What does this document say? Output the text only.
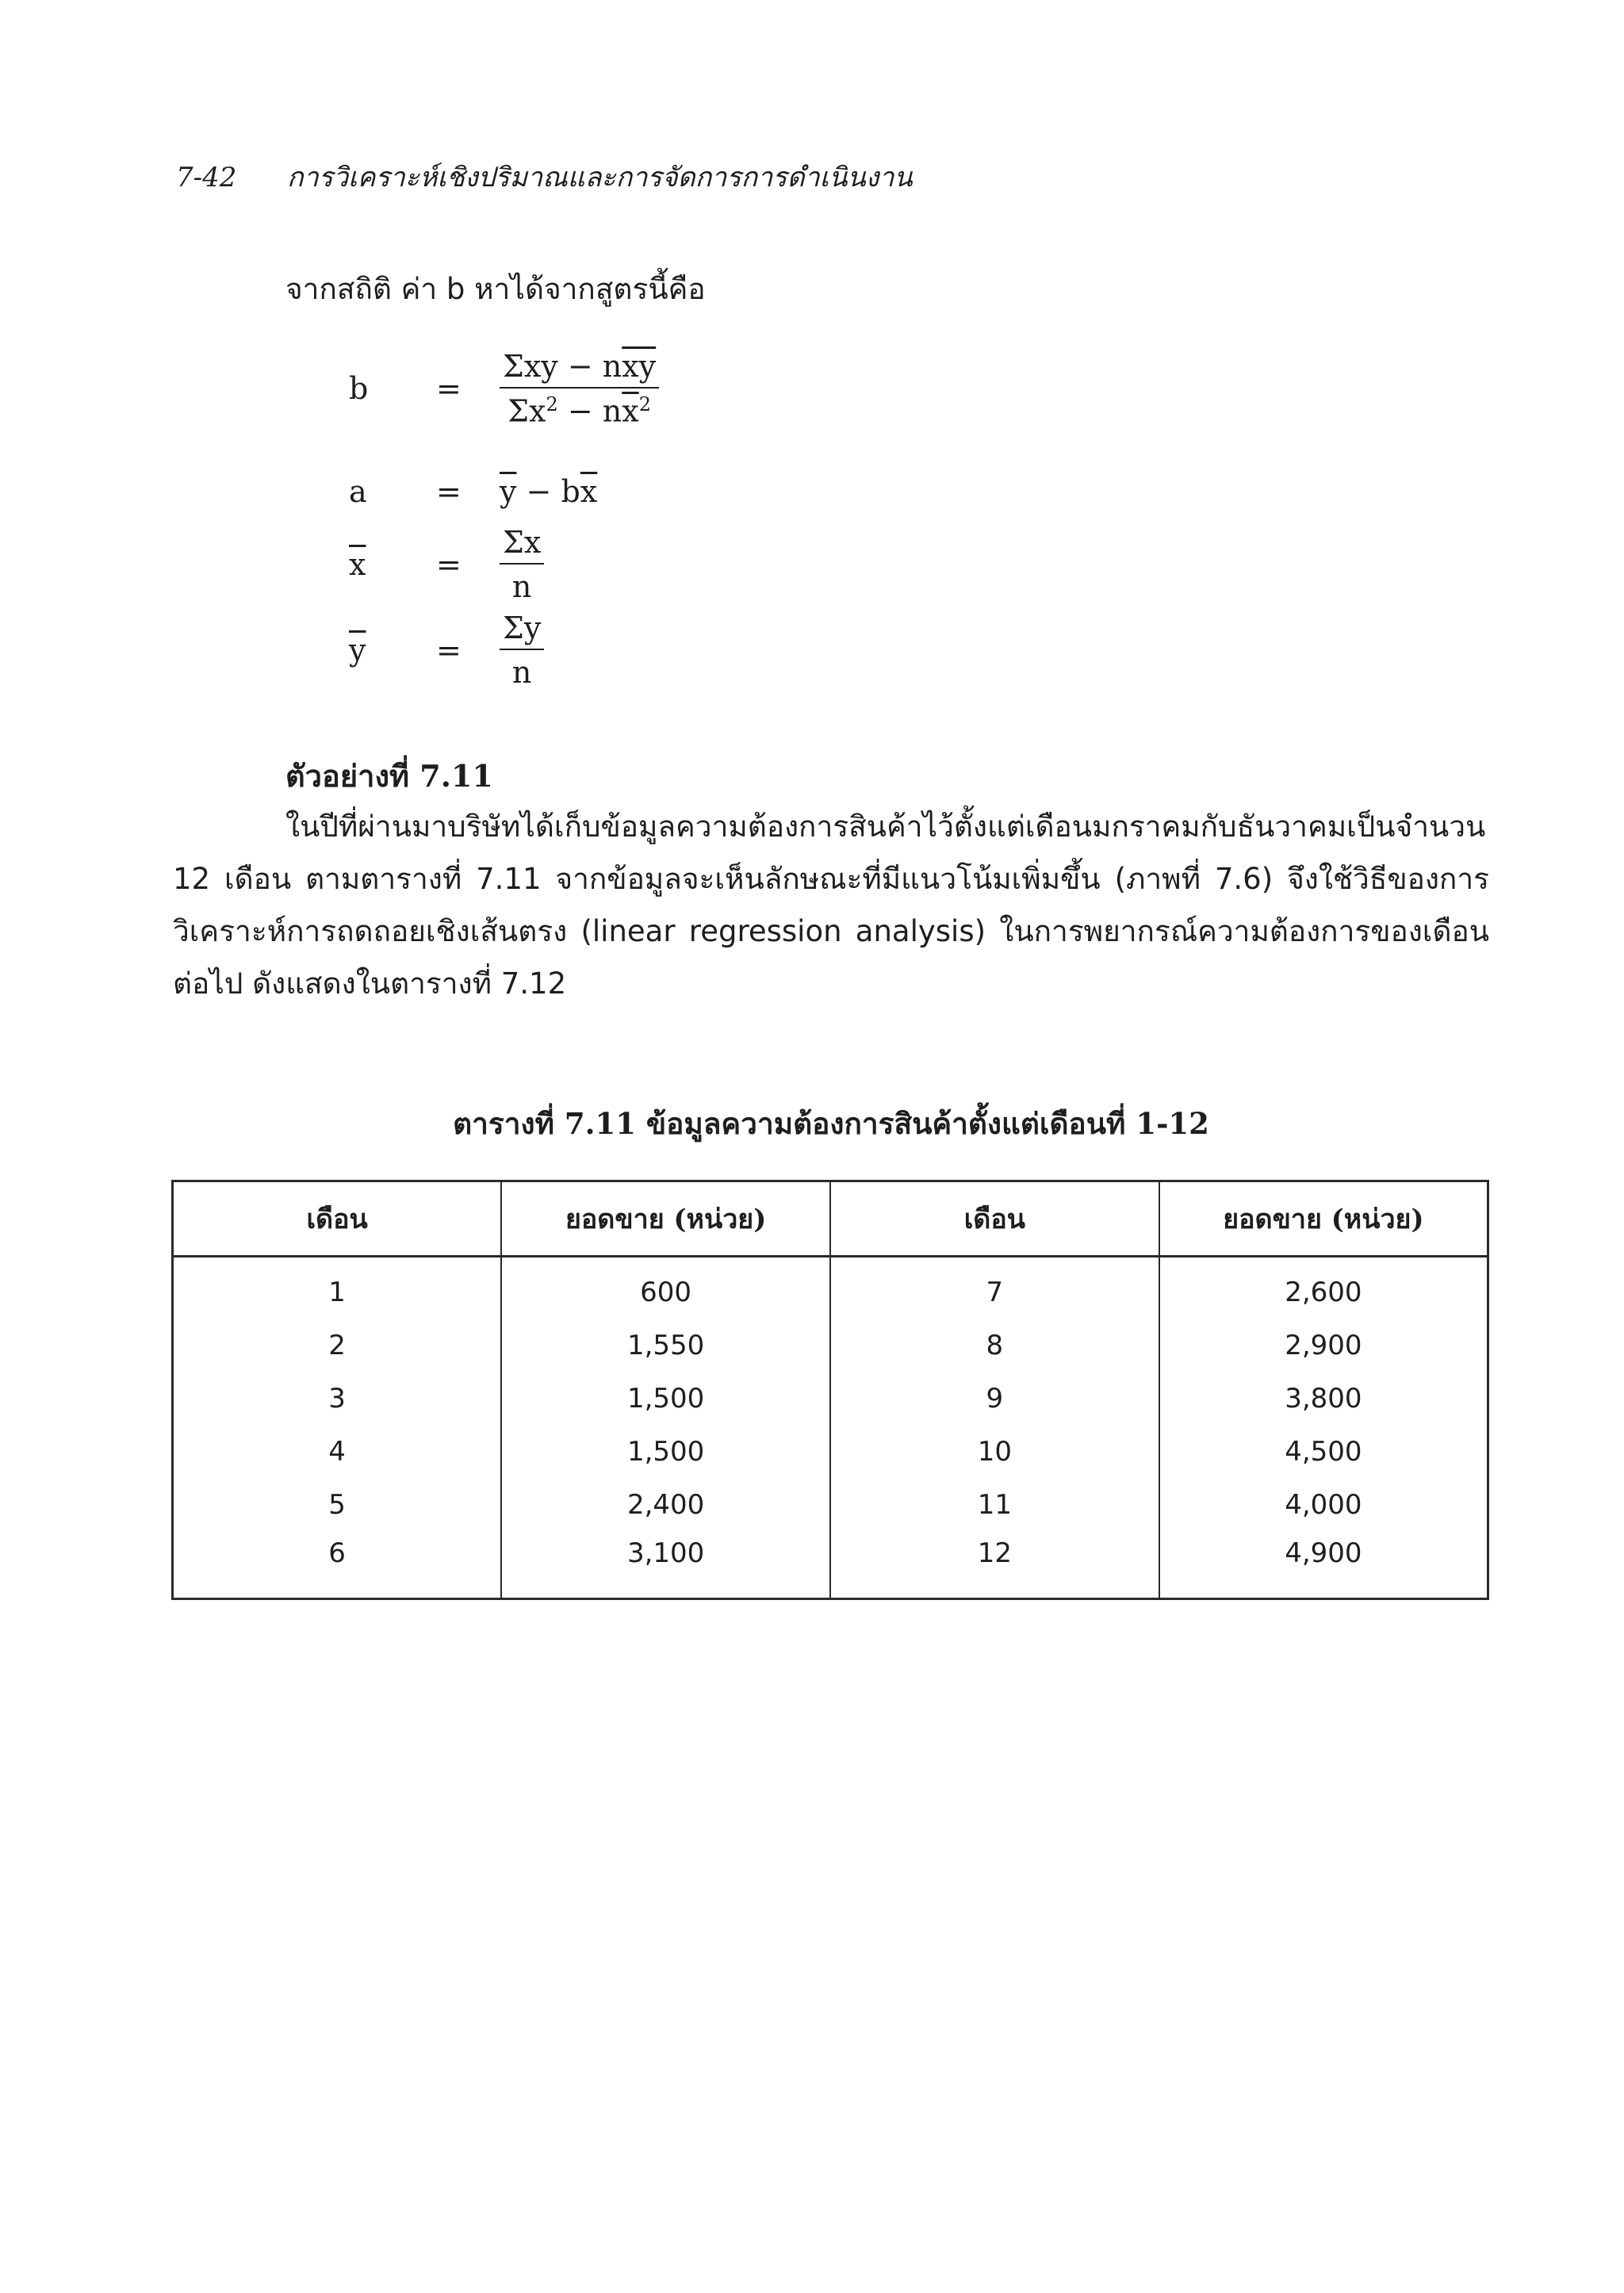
7-42 การวิเคราะห์เชิงปริมาณและการจัดการการดำเนินงาน
จากสถิติ ค่า b หาได้จากสูตรนี้คือ
b	=	$\frac{\Sigma xy - n\overline{xy}}{\Sigma x^2 - n\overline{x}^2}$
a	=	$\overline{y} - b\overline{x}$
$\overline{x}$	=	$\frac{\Sigma x}{n}$
$\overline{y}$	=	$\frac{\Sigma y}{n}$
ตัวอย่างที่ 7.11
ในปีที่ผ่านมาบริษัทได้เก็บข้อมูลความต้องการสินค้าไว้ตั้งแต่เดือนมกราคมกับธันวาคมเป็นจำนวน 12 เดือน ตามตารางที่ 7.11 จากข้อมูลจะเห็นลักษณะที่มีแนวโน้มเพิ่มขึ้น (ภาพที่ 7.6) จึงใช้วิธีของการวิเคราะห์การถดถอยเชิงเส้นตรง (linear regression analysis) ในการพยากรณ์ความต้องการของเดือนต่อไป ดังแสดงในตารางที่ 7.12
ตารางที่ 7.11 ข้อมูลความต้องการสินค้าตั้งแต่เดือนที่ 1-12
เดือน	ยอดขาย (หน่วย)	เดือน	ยอดขาย (หน่วย)
1	600	7	2,600
2	1,550	8	2,900
3	1,500	9	3,800
4	1,500	10	4,500
5	2,400	11	4,000
6	3,100	12	4,900
